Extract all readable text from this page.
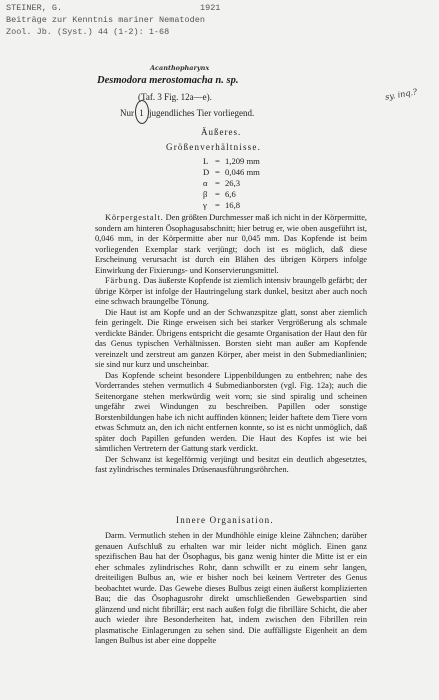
STEINER, G.	1921
Beiträge zur Kenntnis mariner Nematoden
Zool. Jb. (Syst.) 44 (1-2): 1-68
Acanthopharynx
Desmodora merostomacha n. sp.
(Taf. 3 Fig. 12a—e).
Nur 1 jugendliches Tier vorliegend.
sy. inq.?
Äußeres.
Größenverhältnisse.
L = 1,209 mm
D = 0,046 mm
α = 26,3
β = 6,6
γ = 16,8

Körpergestalt. Den größten Durchmesser maß ich nicht in der Körpermitte, sondern am hinteren Ösophagusabschnitt; hier betrug er, wie oben ausgeführt ist, 0,046 mm, in der Körpermitte aber nur 0,045 mm. Das Kopfende ist beim vorliegenden Exemplar stark verjüngt; doch ist es möglich, daß diese Erscheinung verursacht ist durch ein Blähen des übrigen Körpers infolge Einwirkung der Fixierungs- und Konservierungsmittel.

Färbung. Das äußerste Kopfende ist ziemlich intensiv braungelb gefärbt; der übrige Körper ist infolge der Hautringelung stark dunkel, besitzt aber auch noch eine schwach braungelbe Tönung.

Die Haut ist am Kopfe und an der Schwanzspitze glatt, sonst aber ziemlich fein geringelt. Die Ringe erweisen sich bei starker Vergrößerung als schmale verdickte Bänder. Übrigens entspricht die gesamte Organisation der Haut den für das Genus typischen Verhältnissen. Borsten sieht man außer am Kopfende vereinzelt und zerstreut am ganzen Körper, aber meist in den Submedianlinien; sie sind nur kurz und unscheinbar.

Das Kopfende scheint besondere Lippenbildungen zu entbehren; nahe des Vorderrandes stehen vermutlich 4 Submedianborsten (vgl. Fig. 12a); auch die Seitenorgane stehen merkwürdig weit vorn; sie sind spiralig und scheinen ungefähr zwei Windungen zu beschreiben. Papillen oder sonstige Borstenbildungen habe ich nicht auffinden können; leider haftete dem Tiere vorn etwas Schmutz an, den ich nicht entfernen konnte, so ist es nicht unmöglich, daß später doch Papillen gefunden werden. Die Haut des Kopfes ist wie bei sämtlichen Vertretern der Gattung stark verdickt.

Der Schwanz ist kegelförmig verjüngt und besitzt ein deutlich abgesetztes, fast zylindrisches terminales Drüsenausführungsröhrchen.

Innere Organisation.

Darm. Vermutlich stehen in der Mundhöhle einige kleine Zähnchen; darüber genauen Aufschluß zu erhalten war mir leider nicht möglich. Einen ganz spezifischen Bau hat der Ösophagus, bis ganz wenig hinter die Mitte ist er ein eher schmales zylindrisches Rohr, dann schwillt er zu einem sehr langen, dreiteiligen Bulbus an, wie er bisher noch bei keinem Vertreter des Genus beobachtet wurde. Das Gewebe dieses Bulbus zeigt einen äußerst komplizierten Bau; die das Ösophagusrohr direkt umschließenden Gewebspartien sind glänzend und nicht fibrillär; erst nach außen folgt die fibrilläre Schicht, die aber auch wieder ihre Besonderheiten hat, indem zwischen den Fibrillen rein plasmatische Einlagerungen zu sehen sind. Die auffälligste Eigenheit an dem langen Bulbus ist aber eine doppelte
